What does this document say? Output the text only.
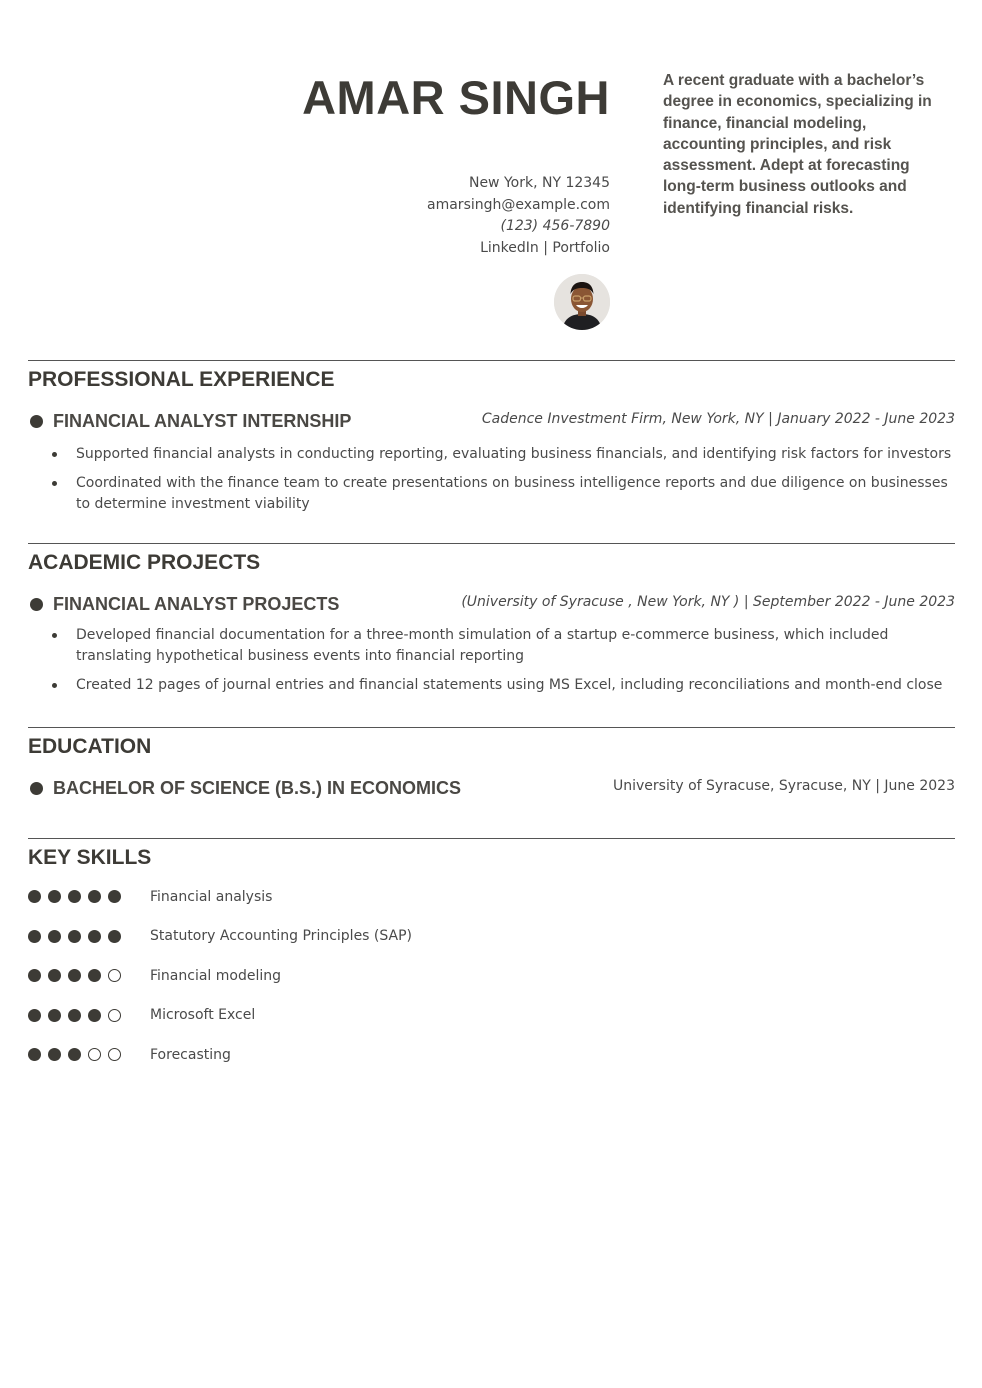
AMAR SINGH
New York, NY 12345
amarsingh@example.com
(123) 456-7890
LinkedIn | Portfolio
A recent graduate with a bachelor’s degree in economics, specializing in finance, financial modeling, accounting principles, and risk assessment. Adept at forecasting long-term business outlooks and identifying financial risks.
PROFESSIONAL EXPERIENCE
FINANCIAL ANALYST INTERNSHIP	Cadence Investment Firm, New York, NY | January 2022 - June 2023
Supported financial analysts in conducting reporting, evaluating business financials, and identifying risk factors for investors
Coordinated with the finance team to create presentations on business intelligence reports and due diligence on businesses to determine investment viability
ACADEMIC PROJECTS
FINANCIAL ANALYST PROJECTS	(University of Syracuse , New York, NY ) | September 2022 - June 2023
Developed financial documentation for a three-month simulation of a startup e-commerce business, which included translating hypothetical business events into financial reporting
Created 12 pages of journal entries and financial statements using MS Excel, including reconciliations and month-end close
EDUCATION
BACHELOR OF SCIENCE (B.S.) IN ECONOMICS	University of Syracuse, Syracuse, NY | June 2023
KEY SKILLS
Financial analysis
Statutory Accounting Principles (SAP)
Financial modeling
Microsoft Excel
Forecasting
